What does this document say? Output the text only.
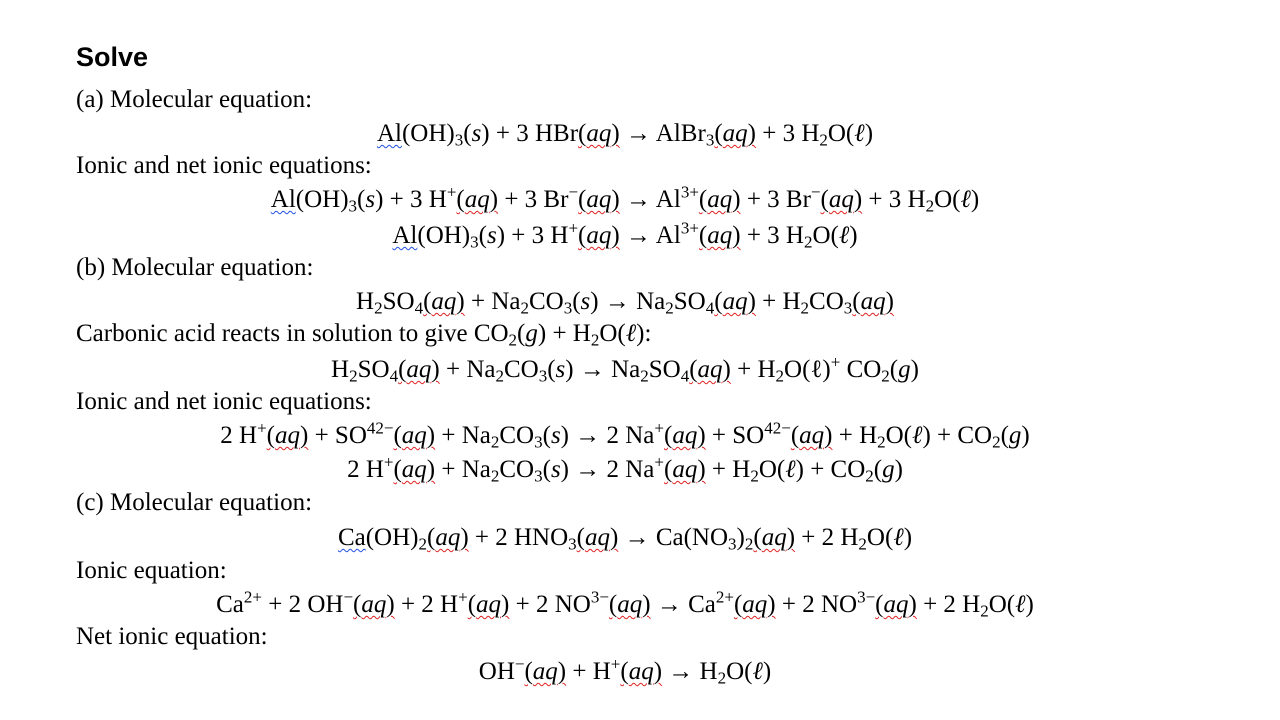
Solve
(a) Molecular equation:
$Al(OH)_3(s) + 3$ HBr(aq) → AlBr$_3$(aq) + 3 $H_2O(\ell)$
Ionic and net ionic equations:
$Al(OH)_3(s) + 3$ H+(aq) + 3 $Br^-(aq) \to Al^{3+}(aq) + 3$ Br−(aq) + 3 $H_2O(\ell)$
$Al(OH)_3(s) + 3$ $H^+(aq) \to Al^{3+}(aq) + 3$ $H_2O(\ell)$
(b) Molecular equation:
$H_2SO_4(aq) + Na_2CO_3(s) \to Na_2SO_4(aq) + H_2CO_3(aq)$
Carbonic acid reacts in solution to give $CO_2(g)$ + $H_2O(\ell)$:
$H_2SO_4(aq) + Na_2CO_3(s) \to Na_2SO_4(aq)$ + $H_2O(\ell)^+$ $CO_2(g)$
Ionic and net ionic equations:
2 $H^+(aq) + SO^{42-}(aq) + Na_2CO_3(s) \to 2$ $Na^+(aq) + SO^{42-}(aq)$ + $H_2O(\ell) + CO_2(g)$
2 $H^+(aq) + Na_2CO_3(s) \to 2$ $Na^+(aq) + H_2O(\ell) + CO_2(g)$
(c) Molecular equation:
$Ca(OH)_2(aq) + 2$ $HNO_3(aq) \to Ca(NO_3)_2(aq) + 2$ $H_2O(\ell)$
Ionic equation:
$Ca^{2+} + 2$ OH−(aq) + 2 H+(aq) + 2 $NO^{3-}(aq) \to Ca^{2+}(aq) + 2$ $NO^{3-}(aq) + 2$ $H_2O(\ell)$
Net ionic equation:
$OH^-(aq) + H^+(aq) \to H_2O(\ell)$
